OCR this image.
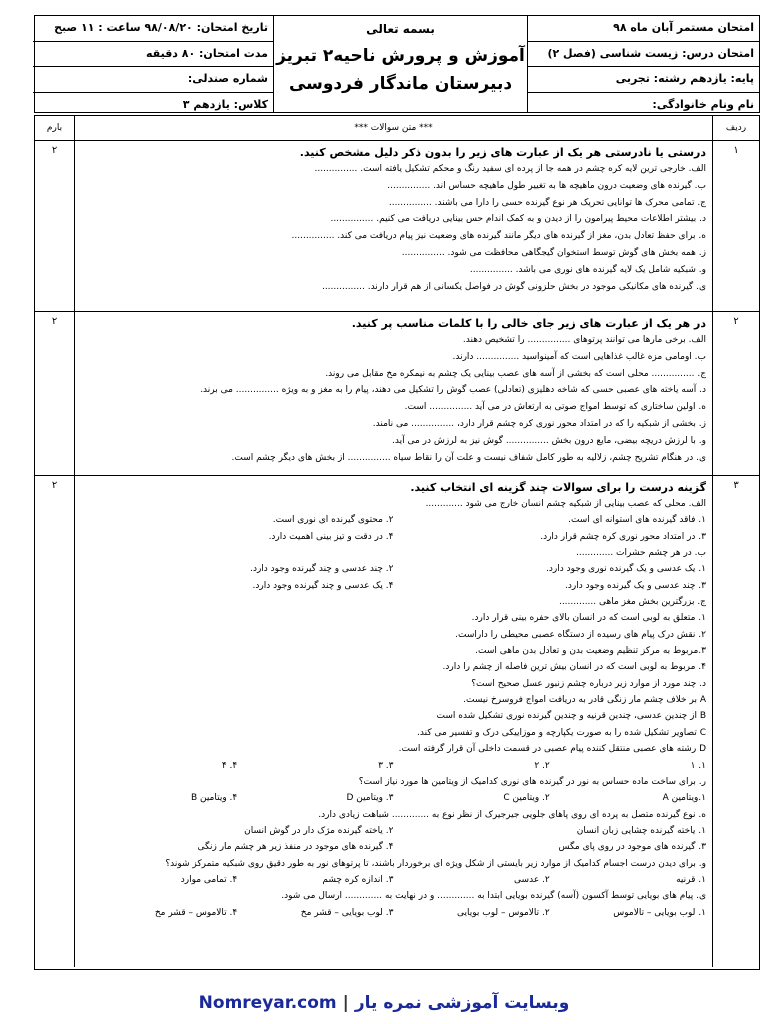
امتحان مستمر آبان ماه ۹۸
امتحان درس: زیست شناسی (فصل ۲)
پایه: یازدهم رشته: تجربی
نام ونام خانوادگی:
بسمه تعالی
آموزش و پرورش ناحیه۲ تبریز
دبیرستان ماندگار فردوسی
تاریخ امتحان: ۹۸/۰۸/۲۰ ساعت : ۱۱ صبح
مدت امتحان: ۸۰ دقیقه
شماره صندلی:
کلاس: یازدهم ۳
ردیف
*** متن سوالات ***
بارم
۱
درستی یا نادرستی هر یک از عبارت های زیر را بدون ذکر دلیل مشخص کنید.
الف. خارجی ترین لایه کره چشم در همه جا از پرده ای سفید رنگ و محکم تشکیل یافته است. ...............
ب. گیرنده های وضعیت درون ماهیچه ها به تغییر طول ماهیچه حساس اند. ...............
ج. تمامی محرک ها توانایی تحریک هر نوع گیرنده حسی را دارا می باشند. ...............
د. بیشتر اطلاعات محیط پیرامون را از دیدن و به کمک اندام حس بینایی دریافت می کنیم. ...............
ه. برای حفظ تعادل بدن، مغز از گیرنده های دیگر مانند گیرنده های وضعیت نیز پیام دریافت می کند. ...............
ز. همه بخش های گوش توسط استخوان گیجگاهی محافظت می شود. ...............
و. شبکیه شامل یک لایه گیرنده های نوری می باشد. ...............
ی. گیرنده های مکانیکی موجود در بخش حلزونی گوش در فواصل یکسانی از هم قرار دارند. ...............
۲
۲
در هر یک از عبارت های زیر جای خالی را با کلمات مناسب پر کنید.
الف. برخی مارها می توانند پرتوهای ............... را تشخیص دهند.
ب. اومامی مزه غالب غذاهایی است که آمینواسید ............... دارند.
ج. ............... محلی است که بخشی از آسه های عصب بینایی یک چشم به نیمکره مخ مقابل می روند.
د. آسه یاخته های عصبی حسی که شاخه دهلیزی (تعادلی) عصب گوش را تشکیل می دهند، پیام را به مغز و به ویژه ............... می برند.
ه. اولین ساختاری که توسط امواج صوتی به ارتعاش در می آید ............... است.
ز. بخشی از شبکیه را که در امتداد محور نوری کره چشم قرار دارد، ............... می نامند.
و. با لرزش دریچه بیضی، مایع درون بخش ............... گوش نیز به لرزش در می آید.
ی. در هنگام تشریح چشم، زلالیه به طور کامل شفاف نیست و علت آن را نقاط سیاه ............... از بخش های دیگر چشم است.
۲
۳
گزینه درست را برای سوالات چند گزینه ای انتخاب کنید.
الف. محلی که عصب بینایی از شبکیه چشم انسان خارج می شود .............
۱. فاقد گیرنده های استوانه ای است.
۲. محتوی گیرنده ای نوری است.
۳. در امتداد محور نوری کره چشم قرار دارد.
۴. در دقت و تیز بینی اهمیت دارد.
ب. در هر چشم حشرات .............
۱. یک عدسی و یک گیرنده نوری وجود دارد.
۲. چند عدسی و چند گیرنده وجود دارد.
۳. چند عدسی و یک گیرنده وجود دارد.
۴. یک عدسی و چند گیرنده وجود دارد.
ج. بزرگترین بخش مغز ماهی .............
۱. متعلق به لوبی است که در انسان بالای حفره بینی قرار دارد.
۲. نقش درک پیام های رسیده از دستگاه عصبی محیطی را داراست.
۳.مربوط به مرکز تنظیم وضعیت بدن و تعادل بدن ماهی است.
۴. مربوط به لوبی است که در انسان بیش ترین فاصله از چشم را دارد.
د. چند مورد از موارد زیر درباره چشم زنبور عسل صحیح است؟
A بر خلاف چشم مار زنگی قادر به دریافت امواج فروسرخ نیست.
B از چندین عدسی، چندین قرنیه و چندین گیرنده نوری تشکیل شده است
C تصاویر تشکیل شده را به صورت یکپارچه و موزاییکی درک و تفسیر می کند.
D رشته های عصبی منتقل کننده پیام عصبی در قسمت داخلی آن قرار گرفته است.
۱. ۱
۲. ۲
۳. ۳
۴. ۴
ر. برای ساخت ماده حساس به نور در گیرنده های نوری کدامیک از ویتامین ها مورد نیاز است؟
۱.ویتامین A
۲. ویتامین C
۳. ویتامین D
۴. ویتامین B
ه. نوع گیرنده متصل به پرده ای روی پاهای جلویی جیرجیرک از نظر نوع به ............. شباهت زیادی دارد.
۱. یاخته گیرنده چشایی زبان انسان
۲. یاخته گیرنده مژک دار در گوش انسان
۳. گیرنده های موجود در روی پای مگس
۴. گیرنده های موجود در منفذ زیر هر چشم مار زنگی
و. برای دیدن درست اجسام کدامیک از موارد زیر بایستی از شکل ویژه ای برخوردار باشند، تا پرتوهای نور به طور دقیق روی شبکیه متمرکز شوند؟
۱. قرنیه
۲. عدسی
۳. اندازه کره چشم
۴. تمامی موارد
ی. پیام های بویایی توسط آکسون (آسه) گیرنده بویایی ابتدا به ............. و در نهایت به ............. ارسال می شود.
۱. لوب بویایی – تالاموس
۲. تالاموس – لوب بویایی
۳. لوب بویایی – قشر مخ
۴. تالاموس – قشر مخ
۲
Nomreyar.com | وبسایت آموزشی نمره یار
